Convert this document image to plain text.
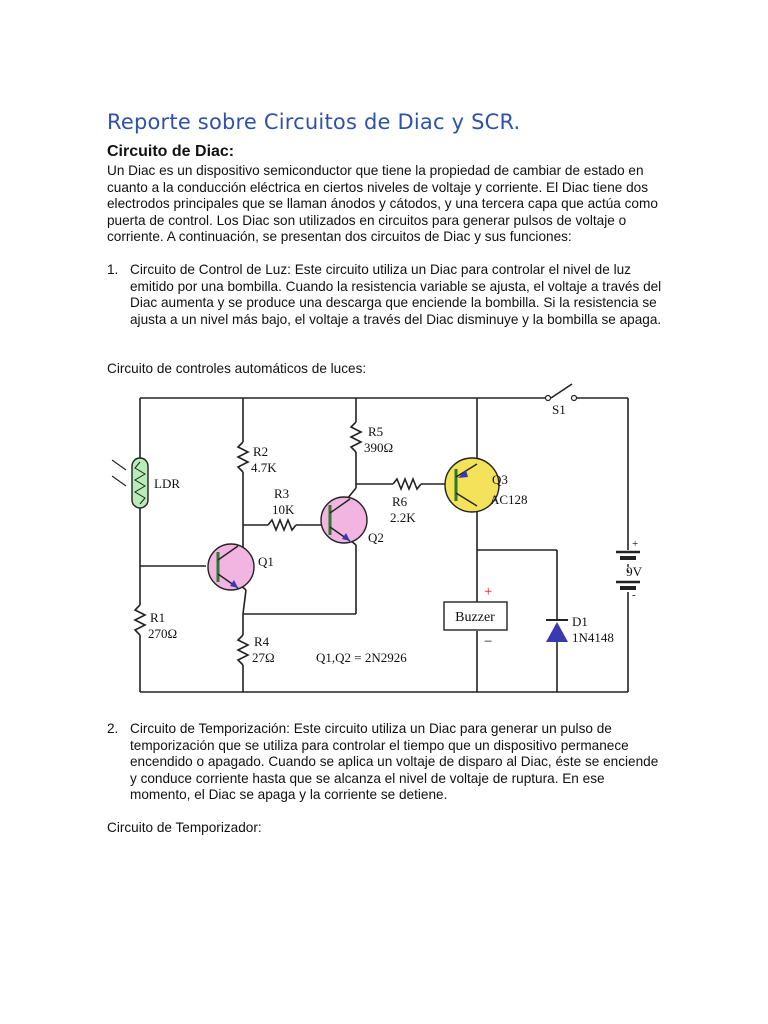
Reporte sobre Circuitos de Diac y SCR.
Circuito de Diac:

Un Diac es un dispositivo semiconductor que tiene la propiedad de cambiar de estado en cuanto a la conducción eléctrica en ciertos niveles de voltaje y corriente. El Diac tiene dos electrodos principales que se llaman ánodos y cátodos, y una tercera capa que actúa como puerta de control. Los Diac son utilizados en circuitos para generar pulsos de voltaje o corriente. A continuación, se presentan dos circuitos de Diac y sus funciones:

1. Circuito de Control de Luz: Este circuito utiliza un Diac para controlar el nivel de luz emitido por una bombilla. Cuando la resistencia variable se ajusta, el voltaje a través del Diac aumenta y se produce una descarga que enciende la bombilla. Si la resistencia se ajusta a un nivel más bajo, el voltaje a través del Diac disminuye y la bombilla se apaga.

Circuito de controles automáticos de luces:

LDR
R1
270Ω
R2
4.7K
R3
10K
R4
27Ω
R5
390Ω
R6
2.2K
Q1
Q2
Q3
AC128
S1
9V
+
-
Buzzer
+
−
D1
1N4148
Q1,Q2 = 2N2926
2. Circuito de Temporización: Este circuito utiliza un Diac para generar un pulso de temporización que se utiliza para controlar el tiempo que un dispositivo permanece encendido o apagado. Cuando se aplica un voltaje de disparo al Diac, éste se enciende y conduce corriente hasta que se alcanza el nivel de voltaje de ruptura. En ese momento, el Diac se apaga y la corriente se detiene.

Circuito de Temporizador:
